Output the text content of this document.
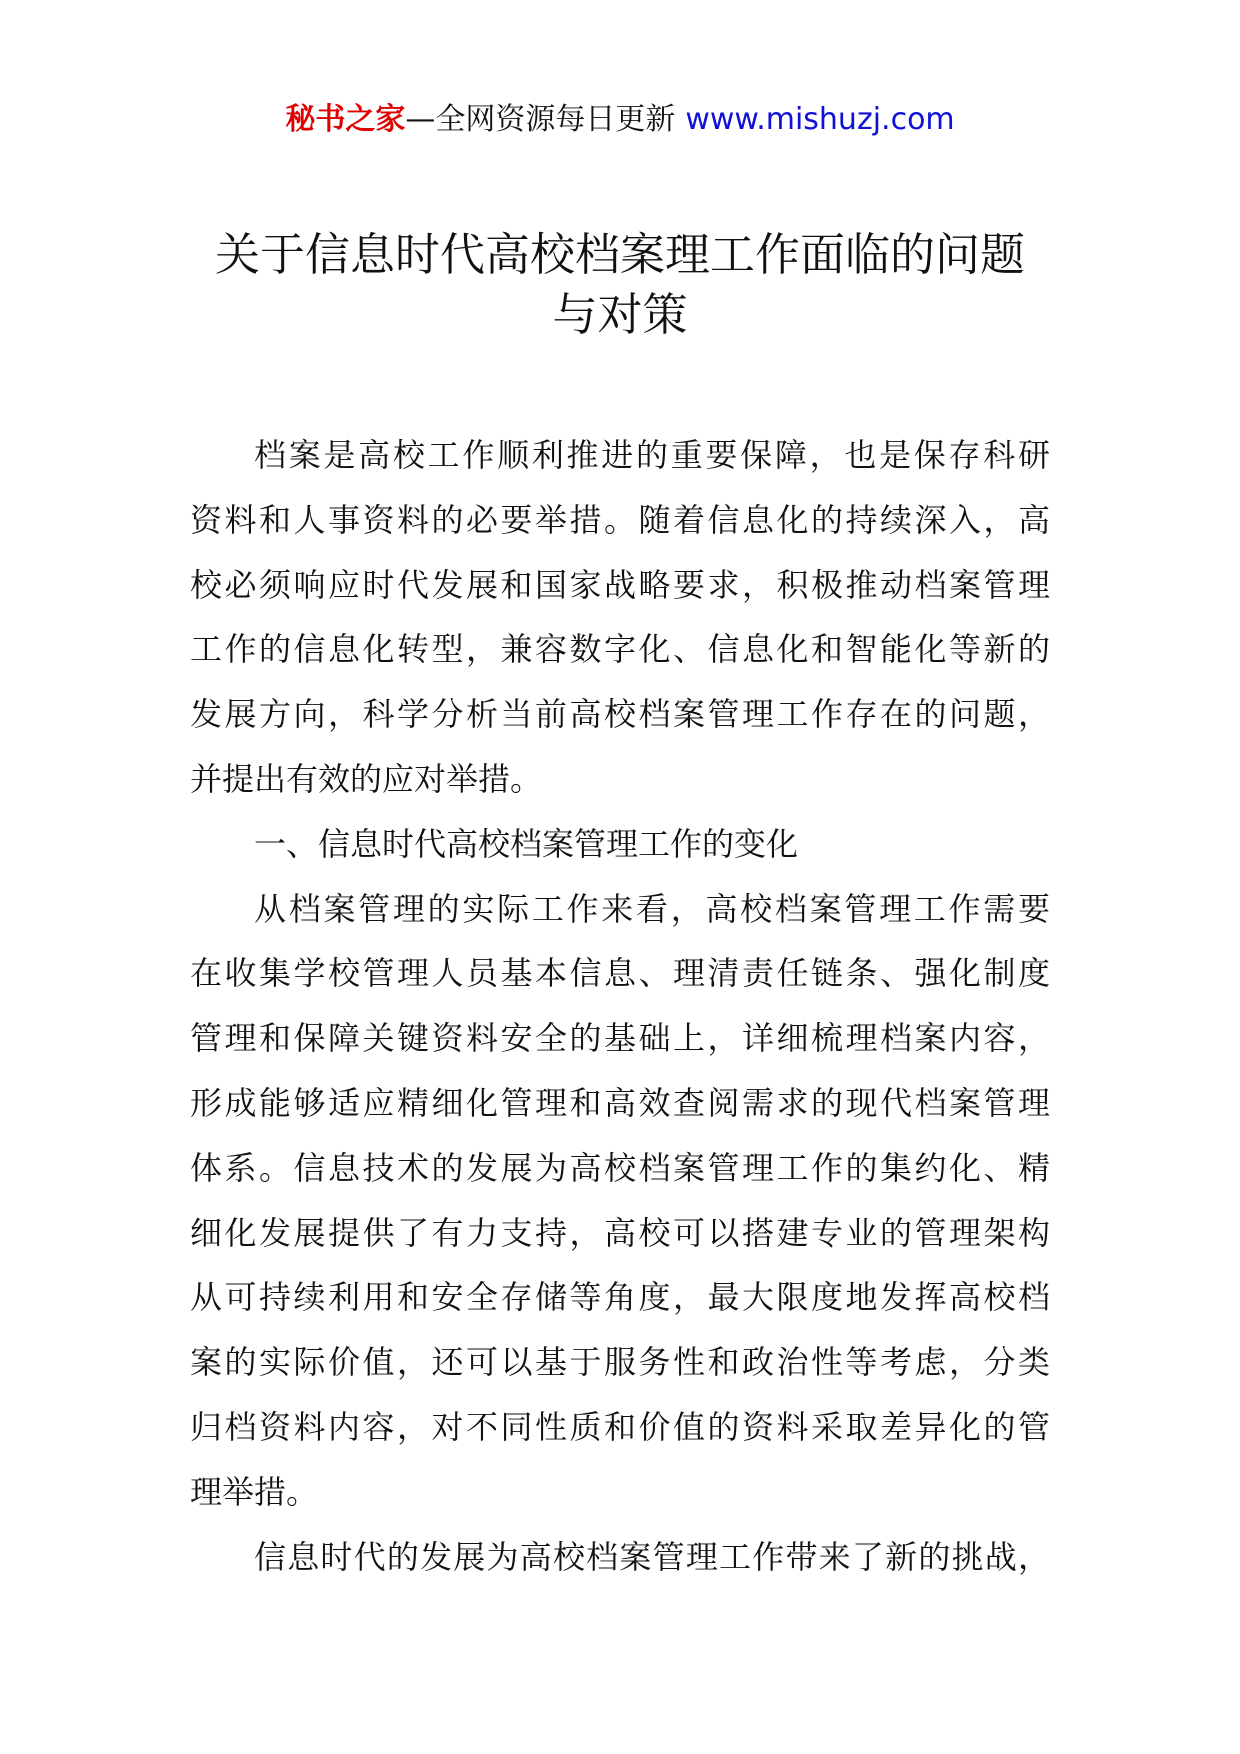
秘书之家—全网资源每日更新 www.mishuzj.com
关于信息时代高校档案理工作面临的问题
与对策
档案是高校工作顺利推进的重要保障，也是保存科研
资料和人事资料的必要举措。随着信息化的持续深入，高
校必须响应时代发展和国家战略要求，积极推动档案管理
工作的信息化转型，兼容数字化、信息化和智能化等新的
发展方向，科学分析当前高校档案管理工作存在的问题，
并提出有效的应对举措。
一、信息时代高校档案管理工作的变化
从档案管理的实际工作来看，高校档案管理工作需要
在收集学校管理人员基本信息、理清责任链条、强化制度
管理和保障关键资料安全的基础上，详细梳理档案内容，
形成能够适应精细化管理和高效查阅需求的现代档案管理
体系。信息技术的发展为高校档案管理工作的集约化、精
细化发展提供了有力支持，高校可以搭建专业的管理架构
从可持续利用和安全存储等角度，最大限度地发挥高校档
案的实际价值，还可以基于服务性和政治性等考虑，分类
归档资料内容，对不同性质和价值的资料采取差异化的管
理举措。
信息时代的发展为高校档案管理工作带来了新的挑战，
